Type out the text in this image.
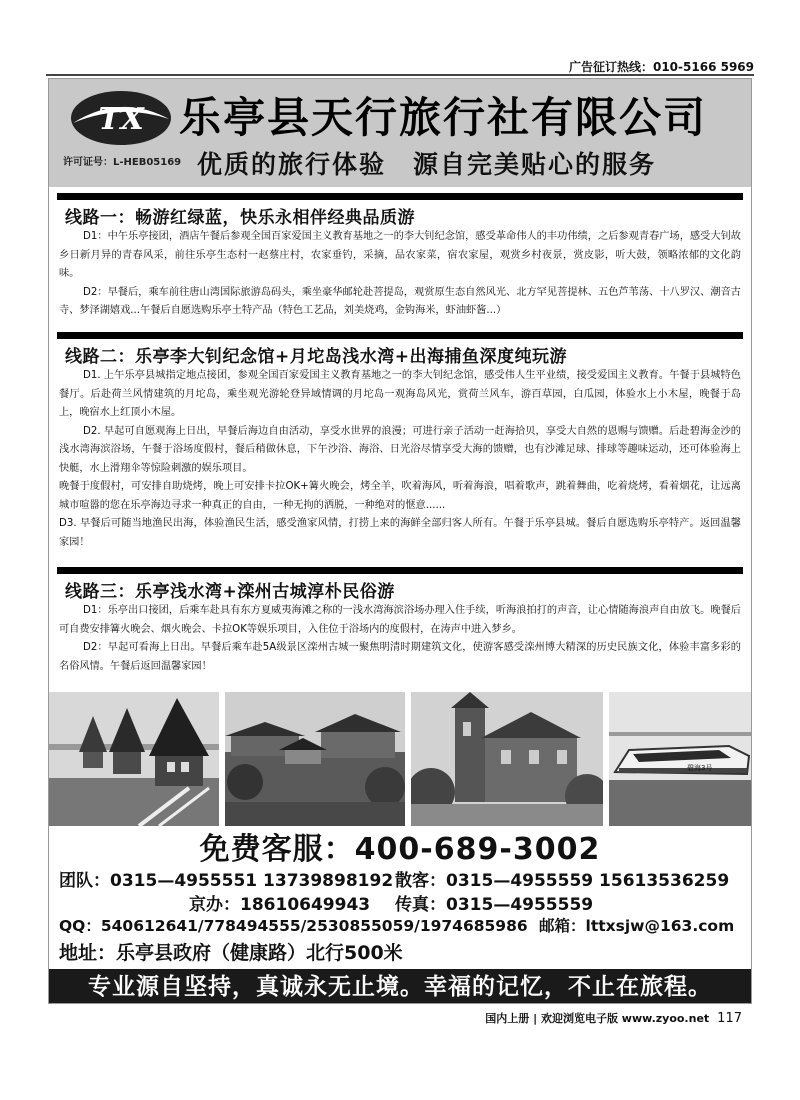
广告征订热线：010-5166 5969
TX
许可证号：L-HEB05169
乐亭县天行旅行社有限公司
优质的旅行体验　源自完美贴心的服务
线路一：畅游红绿蓝，快乐永相伴经典品质游

D1：中午乐亭接团，酒店午餐后参观全国百家爱国主义教育基地之一的李大钊纪念馆，感受革命伟人的丰功伟绩，之后参观青春广场，感受大钊故乡日新月异的青春风采，前往乐亭生态村一赵蔡庄村，农家垂钓，采摘，品农家菜，宿农家屋，观赏乡村夜景，赏皮影，听大鼓，领略浓郁的文化韵味。

D2：早餐后，乘车前往唐山湾国际旅游岛码头，乘坐豪华邮轮赴菩提岛，观赏原生态自然风光、北方罕见菩提林、五色芦苇荡、十八罗汉、潮音古寺、梦泽湖嬉戏...午餐后自愿选购乐亭土特产品（特色工艺品，刘美烧鸡，金钩海米，虾油虾酱...）

线路二：乐亭李大钊纪念馆+月坨岛浅水湾+出海捕鱼深度纯玩游

D1. 上午乐亭县城指定地点接团，参观全国百家爱国主义教育基地之一的李大钊纪念馆，感受伟人生平业绩，接受爱国主义教育。午餐于县城特色餐厅。后赴荷兰风情建筑的月坨岛，乘坐观光游轮登异域情调的月坨岛一观海岛风光，赏荷兰风车，游百草园，白瓜园，体验水上小木屋，晚餐于岛上，晚宿水上红顶小木屋。

D2. 早起可自愿观海上日出，早餐后海边自由活动，享受水世界的浪漫；可进行亲子活动一赶海拾贝，享受大自然的恩赐与馈赠。后赴碧海金沙的浅水湾海滨浴场，午餐于浴场度假村，餐后稍做休息，下午沙浴、海浴、日光浴尽情享受大海的馈赠，也有沙滩足球、排球等趣味运动，还可体验海上快艇，水上滑翔伞等惊险刺激的娱乐项目。

晚餐于度假村，可安排自助烧烤，晚上可安排卡拉OK+篝火晚会，烤全羊，吹着海风，听着海浪，唱着歌声，跳着舞曲，吃着烧烤，看着烟花，让远离城市喧嚣的您在乐亭海边寻求一种真正的自由，一种无拘的洒脱，一种绝对的惬意......

D3. 早餐后可随当地渔民出海，体验渔民生活，感受渔家风情，打捞上来的海鲜全部归客人所有。午餐于乐亭县城。餐后自愿选购乐亭特产。返回温馨家园！

线路三：乐亭浅水湾+滦州古城淳朴民俗游

D1：乐亭出口接团，后乘车赴具有东方夏威夷海滩之称的一浅水湾海滨浴场办理入住手续，听海浪拍打的声音，让心情随海浪声自由放飞。晚餐后可自费安排篝火晚会、烟火晚会、卡拉OK等娱乐项目，入住位于浴场内的度假村，在涛声中进入梦乡。

D2：早起可看海上日出。早餐后乘车赴5A级景区滦州古城一聚焦明清时期建筑文化，使游客感受滦州博大精深的历史民族文化，体验丰富多彩的名俗风情。午餐后返回温馨家园！

碧海3号
免费客服：400-689-3002
团队：0315—4955551 13739898192 散客：0315—4955559 15613536259
京办：18610649943 传真：0315—4955559
QQ：540612641/778494555/2530855059/1974685986 邮箱：lttxsjw@163.com
地址：乐亭县政府（健康路）北行500米
专业源自坚持，真诚永无止境。幸福的记忆，不止在旅程。
国内上册 | 欢迎浏览电子版 www.zyoo.net 117
